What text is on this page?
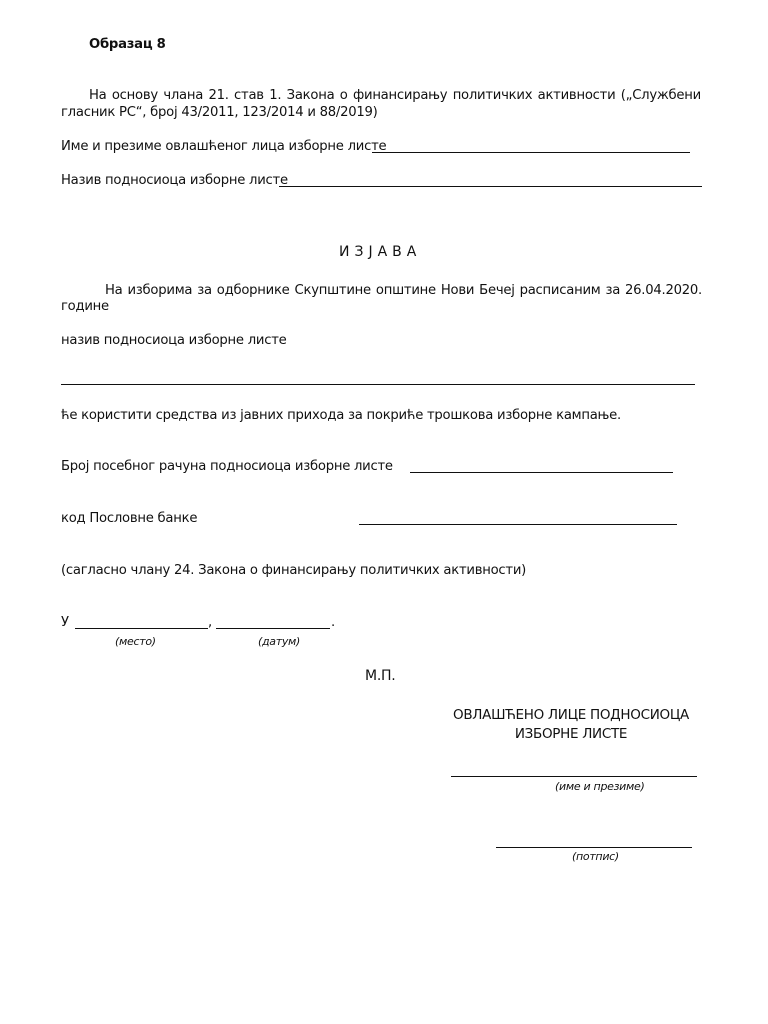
Образац 8
На основу члана 21. став 1. Закона о финансирању политичких активности („Службени
гласник РС“, број 43/2011, 123/2014 и 88/2019)
Име и презиме овлашћеног лица изборне листе
Назив подносиоца изборне листе
ИЗЈАВА
На изборима за одборнике Скупштине општине Нови Бечеј расписаним за 26.04.2020.
године
назив подносиоца изборне листе
ће користити средства из јавних прихода за покриће трошкова изборне кампање.
Број посебног рачуна подносиоца изборне листе
код Пословне банке
(сагласно члану 24. Закона о финансирању политичких активности)
У	,	.
(место)	(датум)
М.П.
ОВЛАШЋЕНО ЛИЦЕ ПОДНОСИОЦА
ИЗБОРНЕ ЛИСТЕ
(име и презиме)
(потпис)
